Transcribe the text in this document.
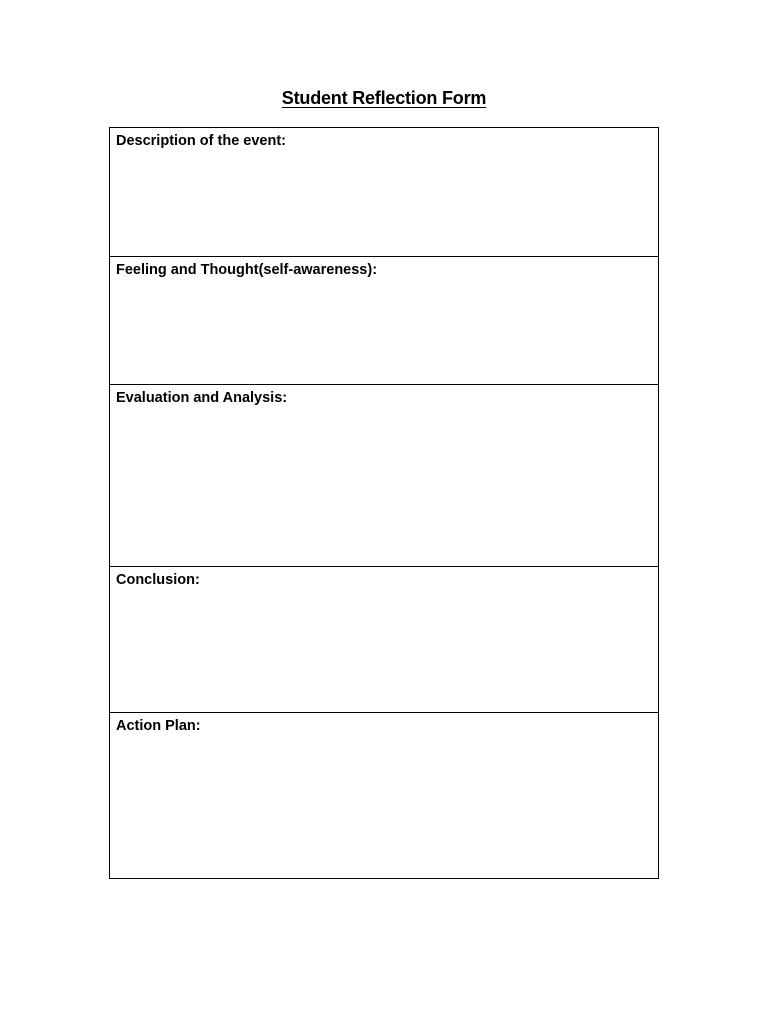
Student Reflection Form
Description of the event:
Feeling and Thought(self-awareness):
Evaluation and Analysis:
Conclusion:
Action Plan:
